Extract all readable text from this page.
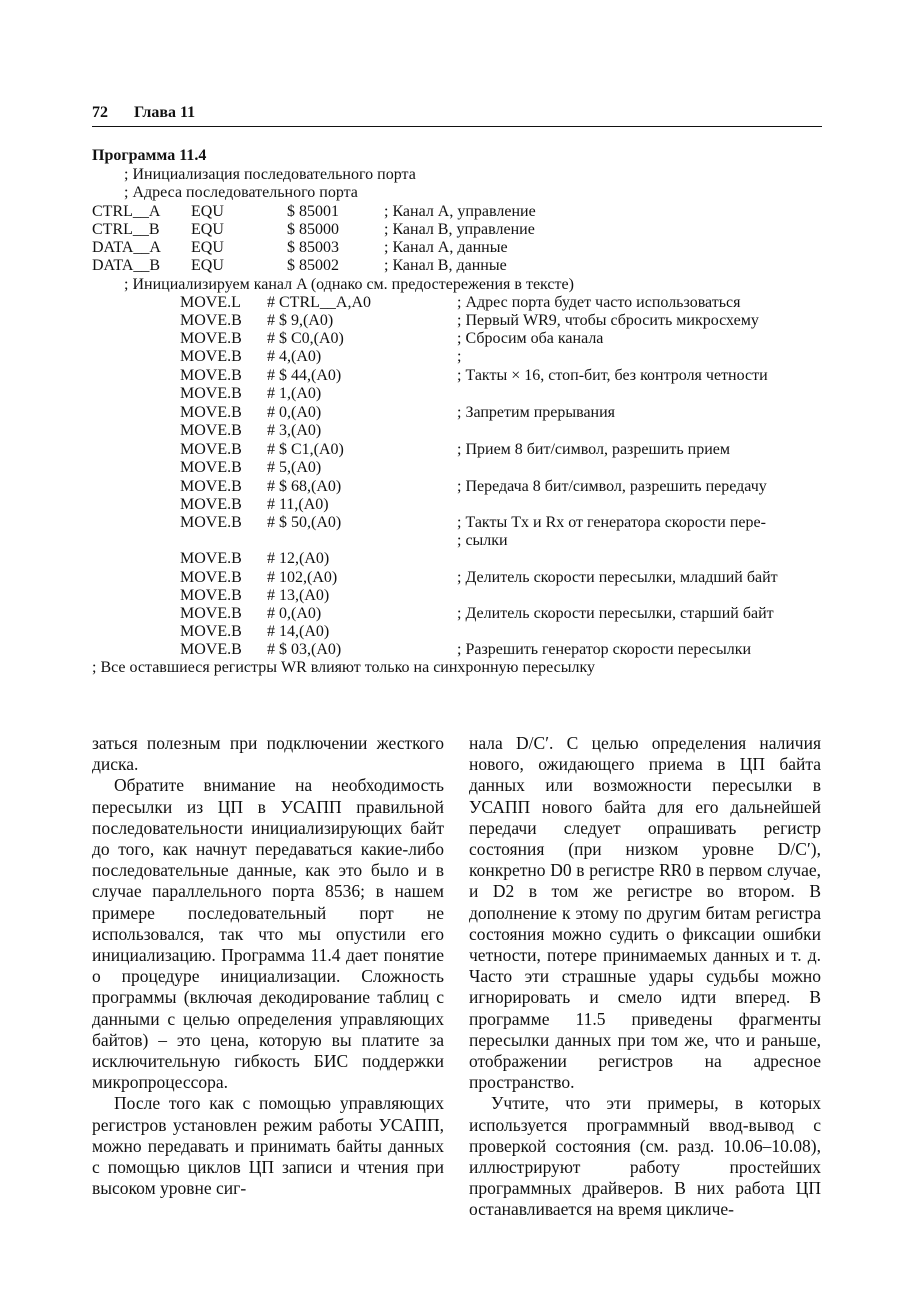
72 Глава 11
Программа 11.4
; Инициализация последовательного порта
; Адреса последовательного порта
CTRL__A EQU	$ 85001	; Канал A, управление
CTRL__B EQU	$ 85000	; Канал B, управление
DATA__A EQU	$ 85003	; Канал A, данные
DATA__B EQU	$ 85002	; Канал B, данные
; Инициализируем канал A (однако см. предостережения в тексте)
MOVE.L # CTRL__A,A0	; Адрес порта будет часто использоваться
MOVE.B # $ 9,(A0)	; Первый WR9, чтобы сбросить микросхему
MOVE.B # $ C0,(A0)	; Сбросим оба канала
MOVE.B # 4,(A0)	;
MOVE.B # $ 44,(A0)	; Такты × 16, стоп-бит, без контроля четности
MOVE.B # 1,(A0)
MOVE.B # 0,(A0)	; Запретим прерывания
MOVE.B # 3,(A0)
MOVE.B # $ C1,(A0)	; Прием 8 бит/символ, разрешить прием
MOVE.B # 5,(A0)
MOVE.B # $ 68,(A0)	; Передача 8 бит/символ, разрешить передачу
MOVE.B # 11,(A0)
MOVE.B # $ 50,(A0)	; Такты Tx и Rx от генератора скорости пере-
; сылки
MOVE.B # 12,(A0)
MOVE.B # 102,(A0)	; Делитель скорости пересылки, младший байт
MOVE.B # 13,(A0)
MOVE.B # 0,(A0)	; Делитель скорости пересылки, старший байт
MOVE.B # 14,(A0)
MOVE.B # $ 03,(A0)	; Разрешить генератор скорости пересылки
; Все оставшиеся регистры WR влияют только на синхронную пересылку

заться полезным при подключении жесткого диска.

Обратите внимание на необходимость пересылки из ЦП в УСАПП правильной последовательности инициализирующих байт до того, как начнут передаваться какие-либо последовательные данные, как это было и в случае параллельного порта 8536; в нашем примере последовательный порт не использовался, так что мы опустили его инициализацию. Программа 11.4 дает понятие о процедуре инициализации. Сложность программы (включая декодирование таблиц с данными с целью определения управляющих байтов) – это цена, которую вы платите за исключительную гибкость БИС поддержки микропроцессора.

После того как с помощью управляющих регистров установлен режим работы УСАПП, можно передавать и принимать байты данных с помощью циклов ЦП записи и чтения при высоком уровне сиг-

нала D/C′. С целью определения наличия нового, ожидающего приема в ЦП байта данных или возможности пересылки в УСАПП нового байта для его дальнейшей передачи следует опрашивать регистр состояния (при низком уровне D/C′), конкретно D0 в регистре RR0 в первом случае, и D2 в том же регистре во втором. В дополнение к этому по другим битам регистра состояния можно судить о фиксации ошибки четности, потере принимаемых данных и т. д. Часто эти страшные удары судьбы можно игнорировать и смело идти вперед. В программе 11.5 приведены фрагменты пересылки данных при том же, что и раньше, отображении регистров на адресное пространство.

Учтите, что эти примеры, в которых используется программный ввод-вывод с проверкой состояния (см. разд. 10.06–10.08), иллюстрируют работу простейших программных драйверов. В них работа ЦП останавливается на время цикличе-
